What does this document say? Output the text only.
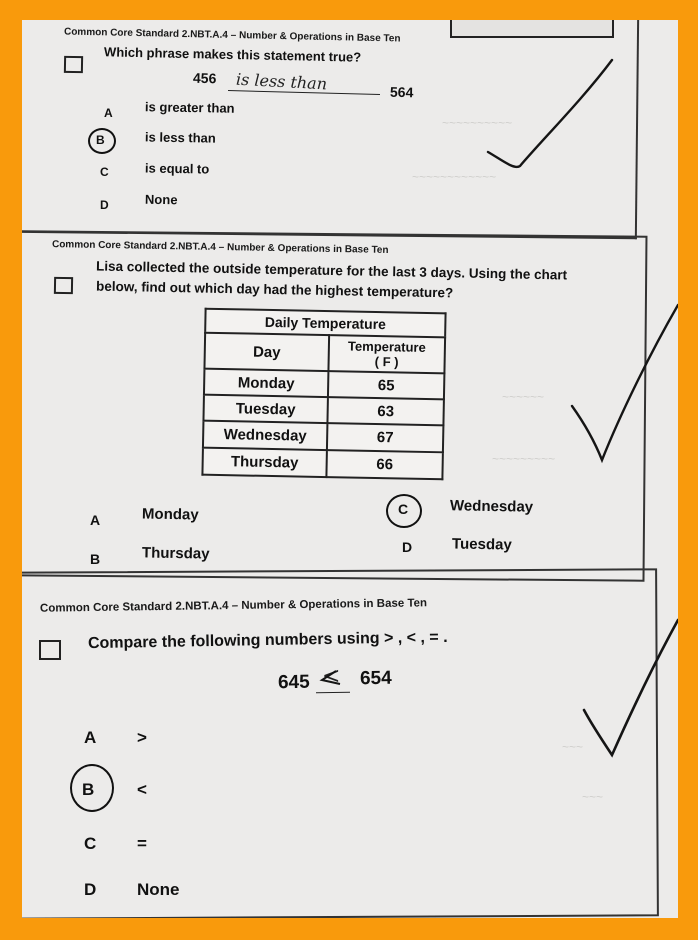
Common Core Standard 2.NBT.A.4 – Number & Operations in Base Ten
Which phrase makes this statement true?
456 is less than	564
A is greater than
B	is less than
C	is equal to
D	None
~~~~~~~~~~
~~~~~~~~~~~~
Common Core Standard 2.NBT.A.4 – Number & Operations in Base Ten
Lisa collected the outside temperature for the last 3 days. Using the chart
below, find out which day had the highest temperature?
Daily Temperature
Day	Temperature
( F )
Monday	65
Tuesday	63
Wednesday	67
Thursday	66
A	Monday
B	Thursday
C	Wednesday
D	Tuesday
~~~~~~
~~~~~~~~~
Common Core Standard 2.NBT.A.4 – Number & Operations in Base Ten
Compare the following numbers using > , < , = .
645 < 654
A >
B	<
C =
D None
~~~
~~~
